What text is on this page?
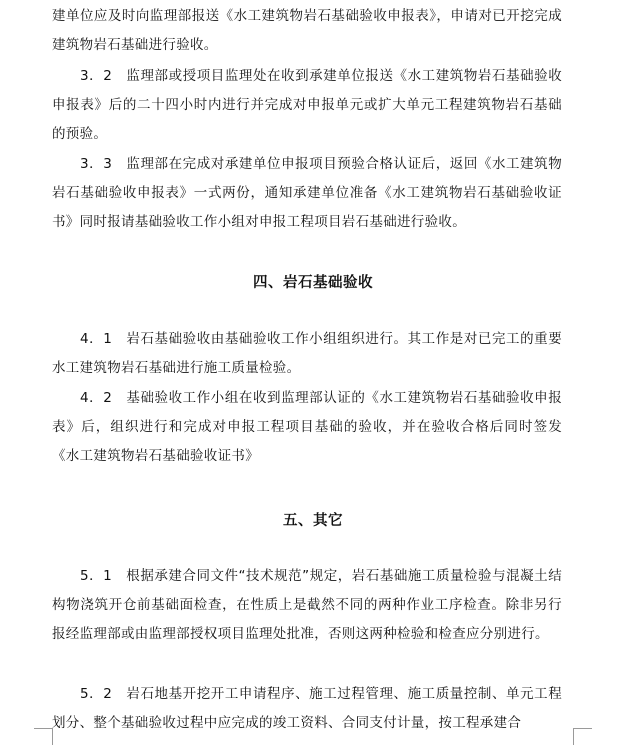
建单位应及时向监理部报送《水工建筑物岩石基础验收申报表》，申请对已开挖完成建筑物岩石基础进行验收。

3．2　监理部或授项目监理处在收到承建单位报送《水工建筑物岩石基础验收申报表》后的二十四小时内进行并完成对申报单元或扩大单元工程建筑物岩石基础的预验。

3．3　监理部在完成对承建单位申报项目预验合格认证后，返回《水工建筑物岩石基础验收申报表》一式两份，通知承建单位准备《水工建筑物岩石基础验收证书》同时报请基础验收工作小组对申报工程项目岩石基础进行验收。

四、岩石基础验收

4．1　岩石基础验收由基础验收工作小组组织进行。其工作是对已完工的重要水工建筑物岩石基础进行施工质量检验。

4．2　基础验收工作小组在收到监理部认证的《水工建筑物岩石基础验收申报表》后，组织进行和完成对申报工程项目基础的验收，并在验收合格后同时签发《水工建筑物岩石基础验收证书》

五、其它

5．1　根据承建合同文件“技术规范”规定，岩石基础施工质量检验与混凝土结构物浇筑开仓前基础面检查，在性质上是截然不同的两种作业工序检查。除非另行报经监理部或由监理部授权项目监理处批准，否则这两种检验和检查应分别进行。

5．2　岩石地基开挖开工申请程序、施工过程管理、施工质量控制、单元工程划分、整个基础验收过程中应完成的竣工资料、合同支付计量，按工程承建合
